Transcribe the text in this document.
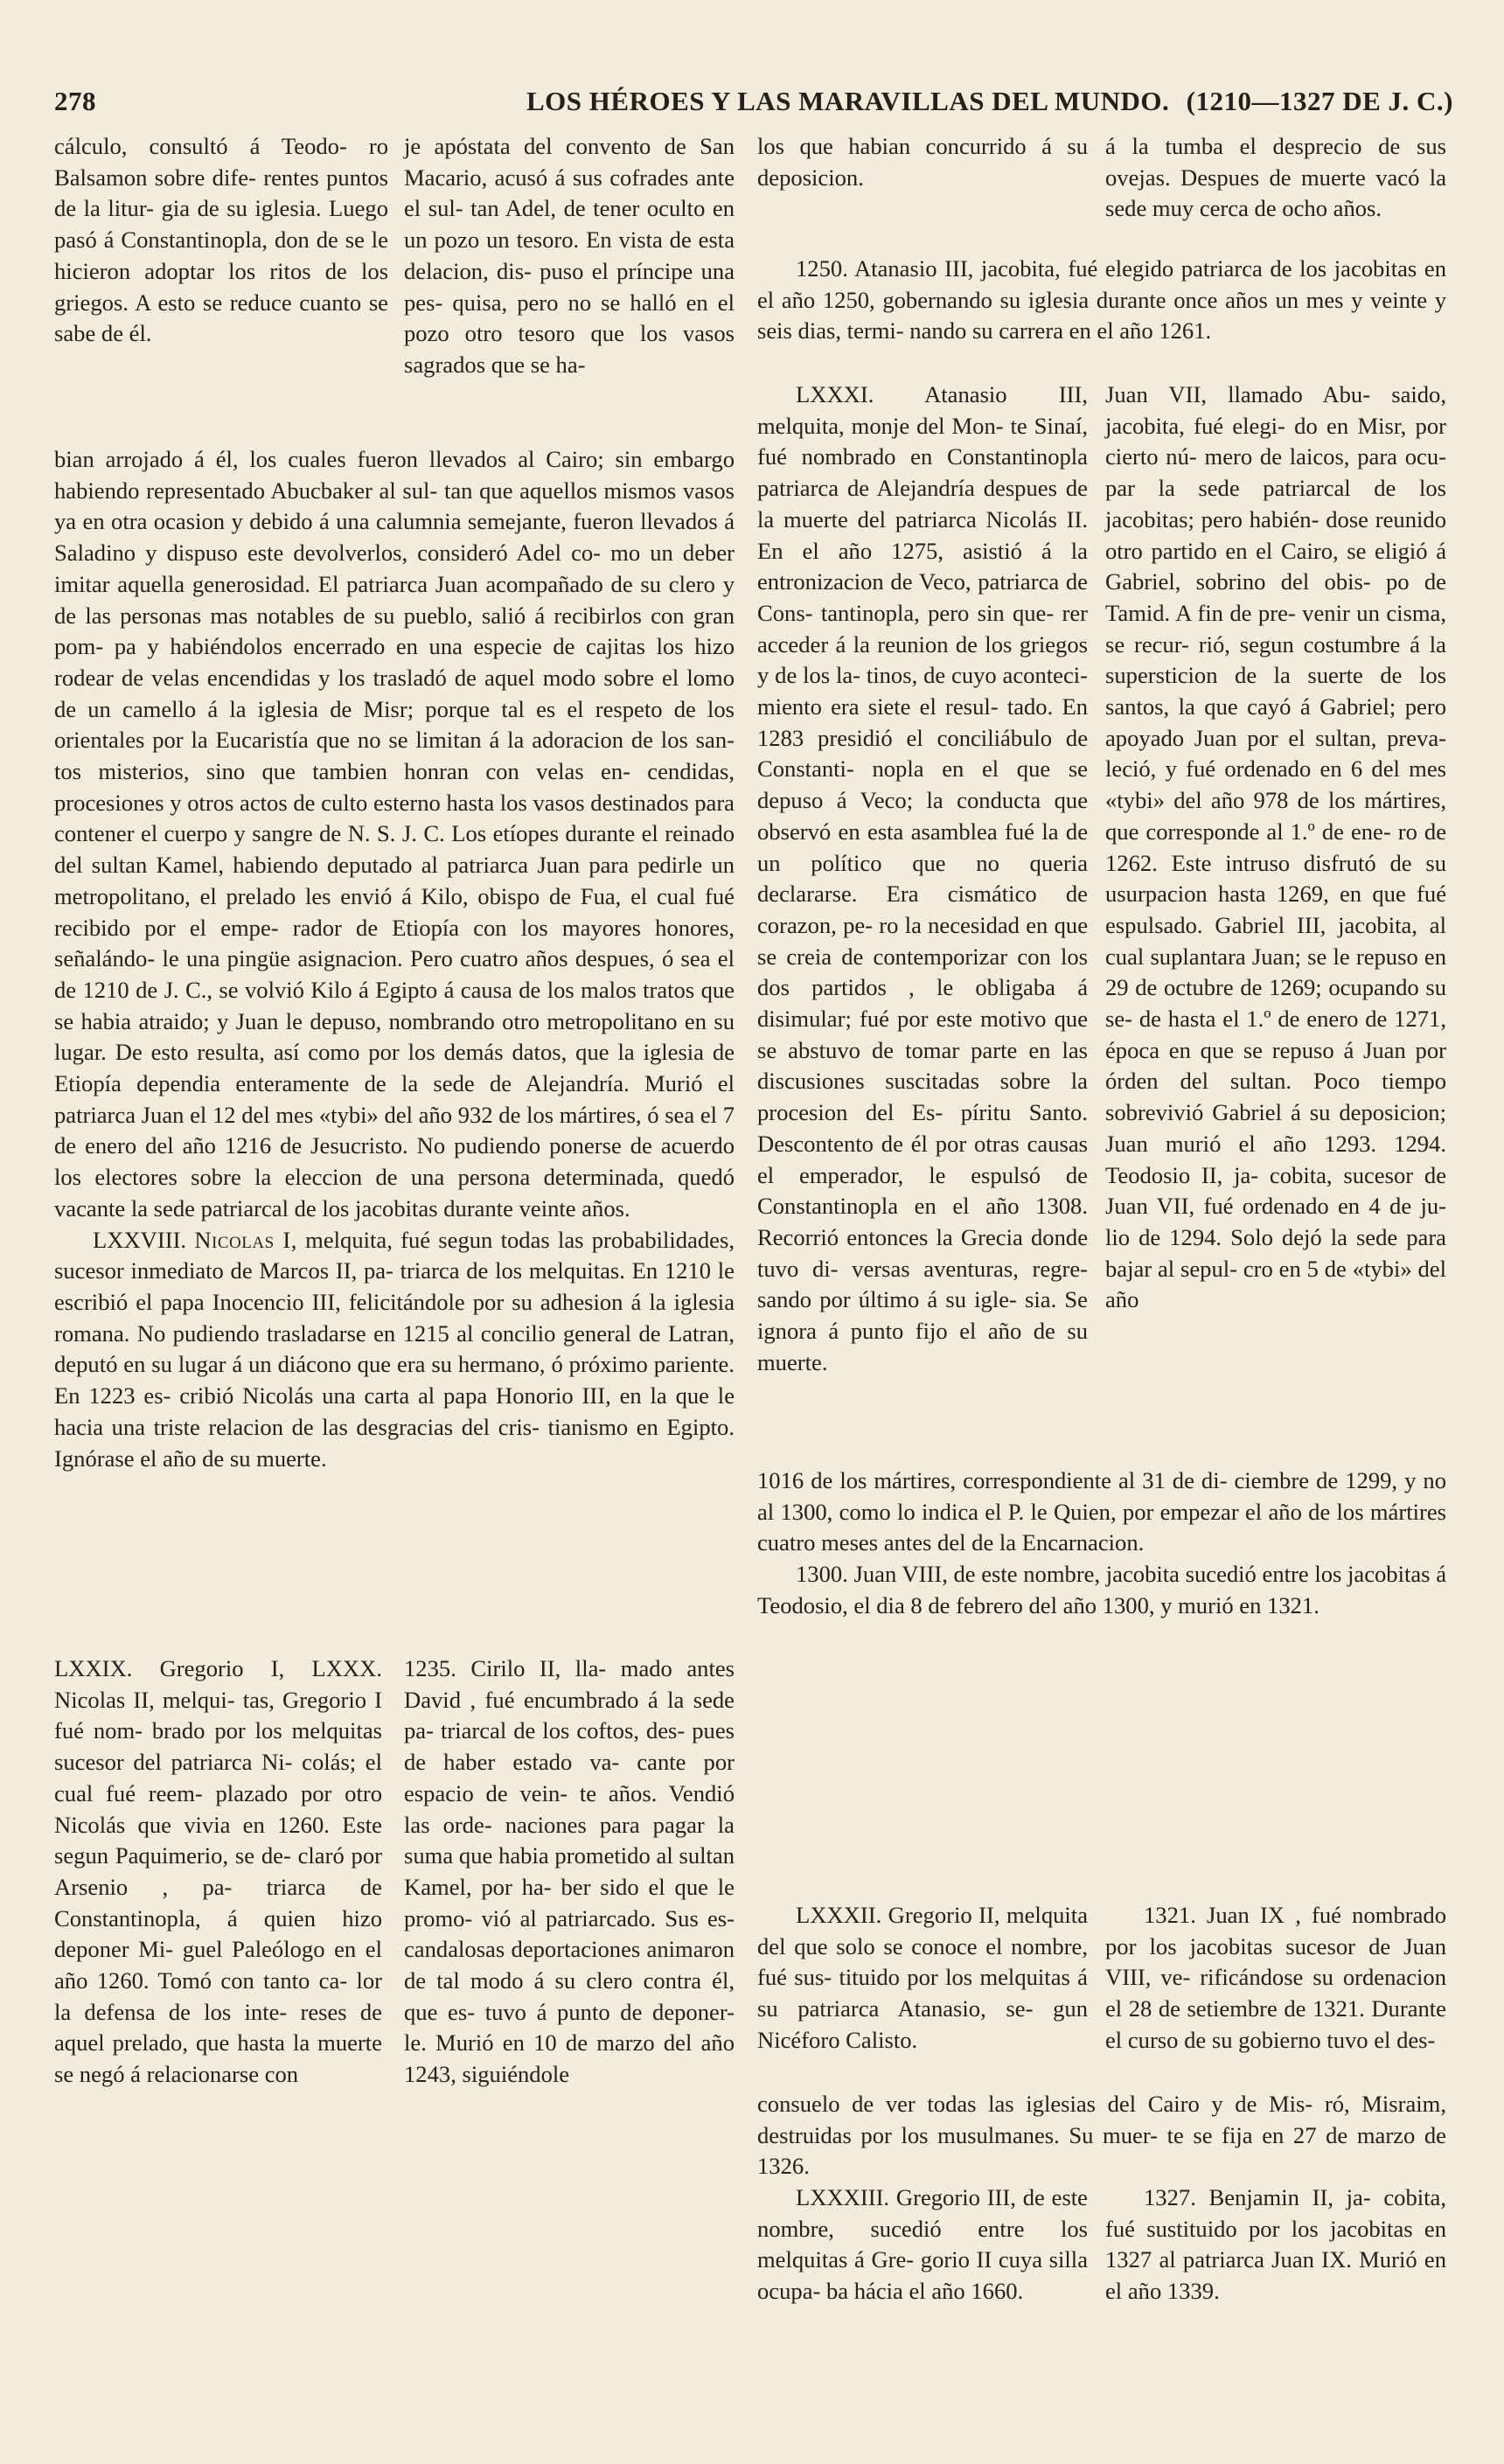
278	LOS HÉROES Y LAS MARAVILLAS DEL MUNDO. (1210—1327 DE J. C.)

cálculo, consultó á Teodo- ro Balsamon sobre dife- rentes puntos de la litur- gia de su iglesia. Luego pasó á Constantinopla, don de se le hicieron adoptar los ritos de los griegos. A esto se reduce cuanto se sabe de él.

je apóstata del convento de San Macario, acusó á sus cofrades ante el sul- tan Adel, de tener oculto en un pozo un tesoro. En vista de esta delacion, dis- puso el príncipe una pes- quisa, pero no se halló en el pozo otro tesoro que los vasos sagrados que se ha-

bian arrojado á él, los cuales fueron llevados al Cairo; sin embargo habiendo representado Abucbaker al sul- tan que aquellos mismos vasos ya en otra ocasion y debido á una calumnia semejante, fueron llevados á Saladino y dispuso este devolverlos, consideró Adel co- mo un deber imitar aquella generosidad. El patriarca Juan acompañado de su clero y de las personas mas notables de su pueblo, salió á recibirlos con gran pom- pa y habiéndolos encerrado en una especie de cajitas los hizo rodear de velas encendidas y los trasladó de aquel modo sobre el lomo de un camello á la iglesia de Misr; porque tal es el respeto de los orientales por la Eucaristía que no se limitan á la adoracion de los san- tos misterios, sino que tambien honran con velas en- cendidas, procesiones y otros actos de culto esterno hasta los vasos destinados para contener el cuerpo y sangre de N. S. J. C. Los etíopes durante el reinado del sultan Kamel, habiendo deputado al patriarca Juan para pedirle un metropolitano, el prelado les envió á Kilo, obispo de Fua, el cual fué recibido por el empe- rador de Etiopía con los mayores honores, señalándo- le una pingüe asignacion. Pero cuatro años despues, ó sea el de 1210 de J. C., se volvió Kilo á Egipto á causa de los malos tratos que se habia atraido; y Juan le depuso, nombrando otro metropolitano en su lugar. De esto resulta, así como por los demás datos, que la iglesia de Etiopía dependia enteramente de la sede de Alejandría. Murió el patriarca Juan el 12 del mes «tybi» del año 932 de los mártires, ó sea el 7 de enero del año 1216 de Jesucristo. No pudiendo ponerse de acuerdo los electores sobre la eleccion de una persona determinada, quedó vacante la sede patriarcal de los jacobitas durante veinte años.

LXXVIII. Nicolas I, melquita, fué segun todas las probabilidades, sucesor inmediato de Marcos II, pa- triarca de los melquitas. En 1210 le escribió el papa Inocencio III, felicitándole por su adhesion á la iglesia romana. No pudiendo trasladarse en 1215 al concilio general de Latran, deputó en su lugar á un diácono que era su hermano, ó próximo pariente. En 1223 es- cribió Nicolás una carta al papa Honorio III, en la que le hacia una triste relacion de las desgracias del cris- tianismo en Egipto. Ignórase el año de su muerte.

LXXIX. Gregorio I, LXXX. Nicolas II, melqui- tas, Gregorio I fué nom- brado por los melquitas sucesor del patriarca Ni- colás; el cual fué reem- plazado por otro Nicolás que vivia en 1260. Este segun Paquimerio, se de- claró por Arsenio , pa- triarca de Constantinopla, á quien hizo deponer Mi- guel Paleólogo en el año 1260. Tomó con tanto ca- lor la defensa de los inte- reses de aquel prelado, que hasta la muerte se negó á relacionarse con

1235. Cirilo II, lla- mado antes David , fué encumbrado á la sede pa- triarcal de los coftos, des- pues de haber estado va- cante por espacio de vein- te años. Vendió las orde- naciones para pagar la suma que habia prometido al sultan Kamel, por ha- ber sido el que le promo- vió al patriarcado. Sus es- candalosas deportaciones animaron de tal modo á su clero contra él, que es- tuvo á punto de deponer- le. Murió en 10 de marzo del año 1243, siguiéndole

los que habian concurrido á su deposicion.

á la tumba el desprecio de sus ovejas. Despues de muerte vacó la sede muy cerca de ocho años.

1250. Atanasio III, jacobita, fué elegido patriarca de los jacobitas en el año 1250, gobernando su iglesia durante once años un mes y veinte y seis dias, termi- nando su carrera en el año 1261.

LXXXI. Atanasio III, melquita, monje del Mon- te Sinaí, fué nombrado en Constantinopla patriarca de Alejandría despues de la muerte del patriarca Nicolás II. En el año 1275, asistió á la entronizacion de Veco, patriarca de Cons- tantinopla, pero sin que- rer acceder á la reunion de los griegos y de los la- tinos, de cuyo aconteci- miento era siete el resul- tado. En 1283 presidió el conciliábulo de Constanti- nopla en el que se depuso á Veco; la conducta que observó en esta asamblea fué la de un político que no queria declararse. Era cismático de corazon, pe- ro la necesidad en que se creia de contemporizar con los dos partidos , le obligaba á disimular; fué por este motivo que se abstuvo de tomar parte en las discusiones suscitadas sobre la procesion del Es- píritu Santo. Descontento de él por otras causas el emperador, le espulsó de Constantinopla en el año 1308. Recorrió entonces la Grecia donde tuvo di- versas aventuras, regre- sando por último á su igle- sia. Se ignora á punto fijo el año de su muerte.

Juan VII, llamado Abu- saido, jacobita, fué elegi- do en Misr, por cierto nú- mero de laicos, para ocu- par la sede patriarcal de los jacobitas; pero habién- dose reunido otro partido en el Cairo, se eligió á Gabriel, sobrino del obis- po de Tamid. A fin de pre- venir un cisma, se recur- rió, segun costumbre á la supersticion de la suerte de los santos, la que cayó á Gabriel; pero apoyado Juan por el sultan, preva- leció, y fué ordenado en 6 del mes «tybi» del año 978 de los mártires, que corresponde al 1.º de ene- ro de 1262. Este intruso disfrutó de su usurpacion hasta 1269, en que fué espulsado. Gabriel III, jacobita, al cual suplantara Juan; se le repuso en 29 de octubre de 1269; ocupando su se- de hasta el 1.º de enero de 1271, época en que se repuso á Juan por órden del sultan. Poco tiempo sobrevivió Gabriel á su deposicion; Juan murió el año 1293. 1294. Teodosio II, ja- cobita, sucesor de Juan VII, fué ordenado en 4 de ju- lio de 1294. Solo dejó la sede para bajar al sepul- cro en 5 de «tybi» del año

1016 de los mártires, correspondiente al 31 de di- ciembre de 1299, y no al 1300, como lo indica el P. le Quien, por empezar el año de los mártires cuatro meses antes del de la Encarnacion.

1300. Juan VIII, de este nombre, jacobita sucedió entre los jacobitas á Teodosio, el dia 8 de febrero del año 1300, y murió en 1321.

LXXXII. Gregorio II, melquita del que solo se conoce el nombre, fué sus- tituido por los melquitas á su patriarca Atanasio, se- gun Nicéforo Calisto.

1321. Juan IX , fué nombrado por los jacobitas sucesor de Juan VIII, ve- rificándose su ordenacion el 28 de setiembre de 1321. Durante el curso de su gobierno tuvo el des-

consuelo de ver todas las iglesias del Cairo y de Mis- ró, Misraim, destruidas por los musulmanes. Su muer- te se fija en 27 de marzo de 1326.

LXXXIII. Gregorio III, de este nombre, sucedió entre los melquitas á Gre- gorio II cuya silla ocupa- ba hácia el año 1660.

1327. Benjamin II, ja- cobita, fué sustituido por los jacobitas en 1327 al patriarca Juan IX. Murió en el año 1339.
